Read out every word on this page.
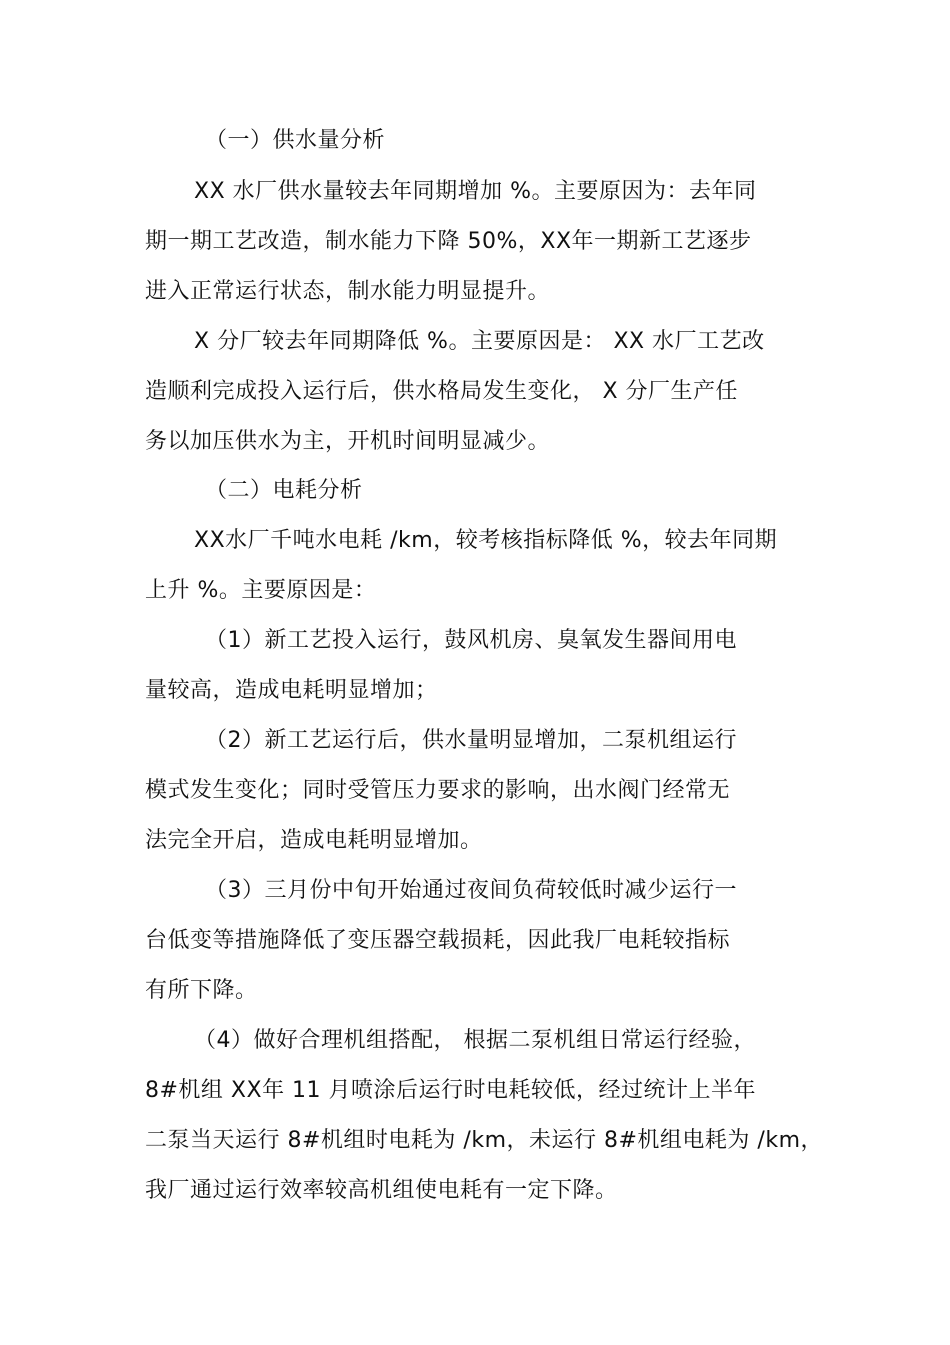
（一）供水量分析
XX 水厂供水量较去年同期增加 %。主要原因为：去年同
期一期工艺改造，制水能力下降 50%，XX年一期新工艺逐步
进入正常运行状态，制水能力明显提升。
X 分厂较去年同期降低 %。主要原因是： XX 水厂工艺改
造顺利完成投入运行后，供水格局发生变化， X 分厂生产任
务以加压供水为主，开机时间明显减少。
（二）电耗分析
XX水厂千吨水电耗 /km，较考核指标降低 %，较去年同期
上升 %。主要原因是：
（1）新工艺投入运行，鼓风机房、臭氧发生器间用电
量较高，造成电耗明显增加；
（2）新工艺运行后，供水量明显增加，二泵机组运行
模式发生变化；同时受管压力要求的影响，出水阀门经常无
法完全开启，造成电耗明显增加。
（3）三月份中旬开始通过夜间负荷较低时减少运行一
台低变等措施降低了变压器空载损耗，因此我厂电耗较指标
有所下降。
（4）做好合理机组搭配， 根据二泵机组日常运行经验，
8#机组 XX年 11 月喷涂后运行时电耗较低，经过统计上半年
二泵当天运行 8#机组时电耗为 /km，未运行 8#机组电耗为 /km，
我厂通过运行效率较高机组使电耗有一定下降。
